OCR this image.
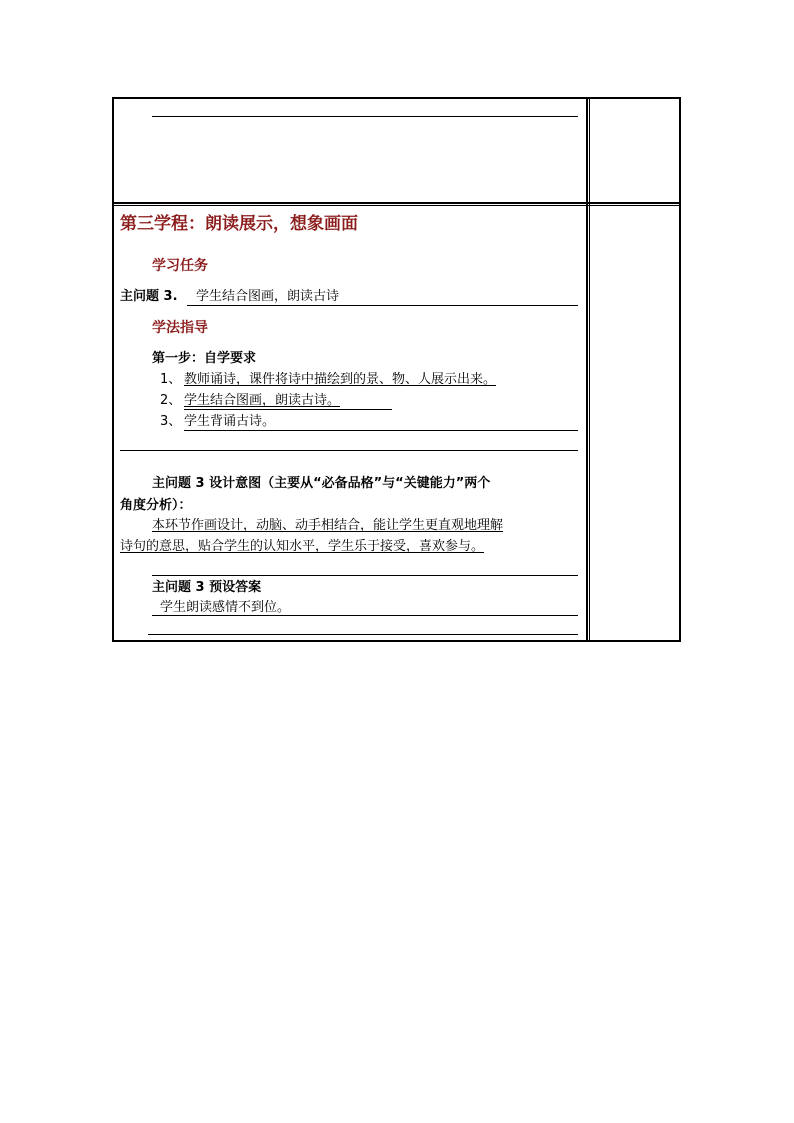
第三学程：朗读展示，想象画面
学习任务
主问题 3. 学生结合图画，朗读古诗
学法指导
第一步：自学要求
1、 教师诵诗，课件将诗中描绘到的景、物、人展示出来。
2、 学生结合图画，朗读古诗。
3、 学生背诵古诗。
主问题 3 设计意图（主要从“必备品格”与“关键能力”两个
角度分析）：
本环节作画设计，动脑、动手相结合，能让学生更直观地理解
诗句的意思，贴合学生的认知水平，学生乐于接受，喜欢参与。
主问题 3 预设答案
学生朗读感情不到位。
